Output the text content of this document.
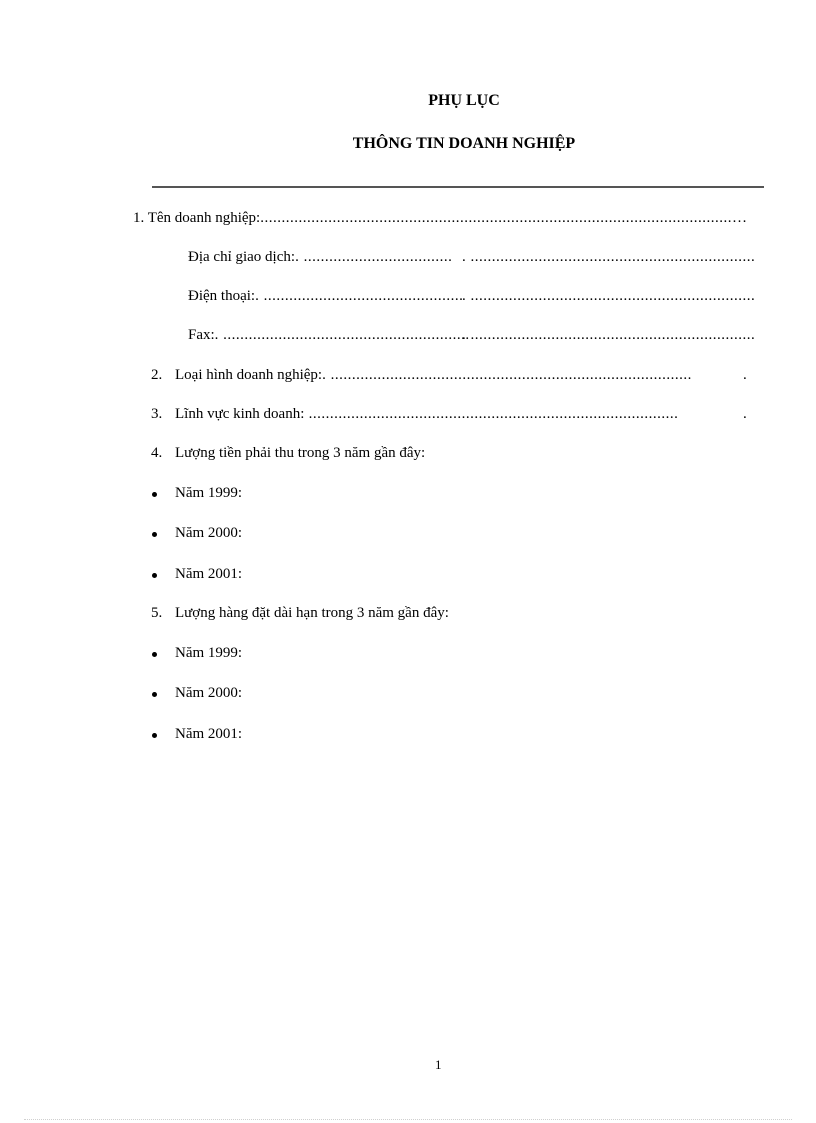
PHỤ LỤC
THÔNG TIN DOANH NGHIỆP
1. Tên doanh nghiệp:...............................................................................................................…
Địa chỉ giao dịch:. ................................... . ...................................................................
Điện thoại:. ...............................................
. ...................................................................
Fax:. ..........................................................
. ...................................................................
2. Loại hình doanh nghiệp:. .....................................................................................	.
3. Lĩnh vực kinh doanh: .......................................................................................	.
4. Lượng tiền phải thu trong 3 năm gần đây:
Năm 1999:
Năm 2000:
Năm 2001:
5. Lượng hàng đặt dài hạn trong 3 năm gần đây:
Năm 1999:
Năm 2000:
Năm 2001:
1
